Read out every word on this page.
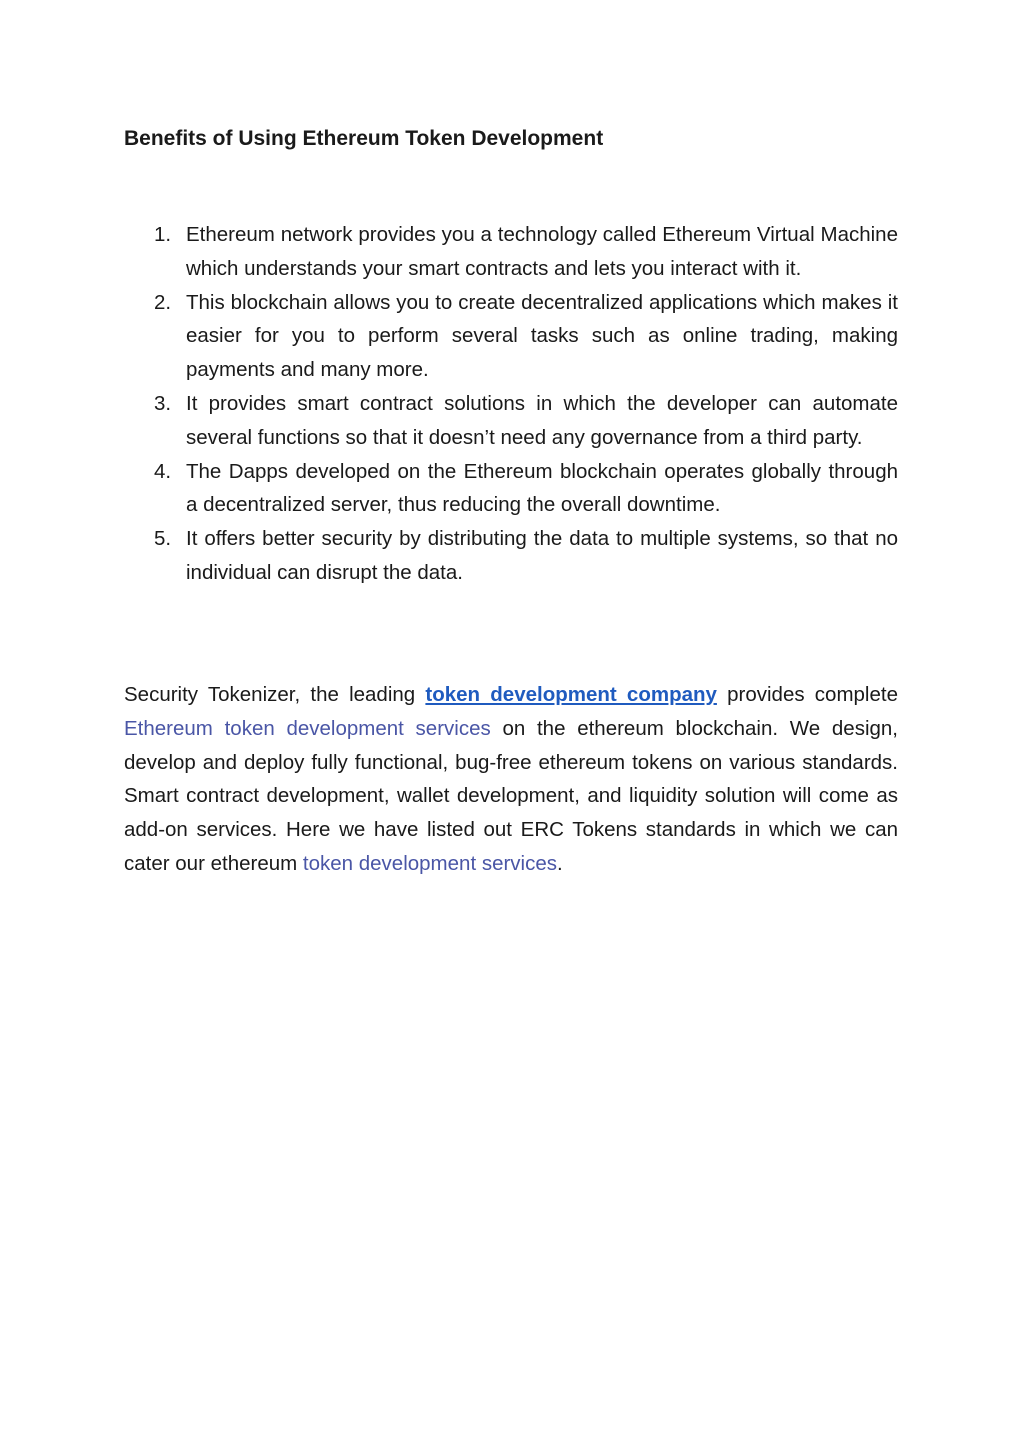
Benefits of Using Ethereum Token Development
1. Ethereum network provides you a technology called Ethereum Virtual Machine which understands your smart contracts and lets you interact with it.
2. This blockchain allows you to create decentralized applications which makes it easier for you to perform several tasks such as online trading, making payments and many more.
3. It provides smart contract solutions in which the developer can automate several functions so that it doesn’t need any governance from a third party.
4. The Dapps developed on the Ethereum blockchain operates globally through a decentralized server, thus reducing the overall downtime.
5. It offers better security by distributing the data to multiple systems, so that no individual can disrupt the data.

Security Tokenizer, the leading token development company provides complete Ethereum token development services on the ethereum blockchain. We design, develop and deploy fully functional, bug-free ethereum tokens on various standards. Smart contract development, wallet development, and liquidity solution will come as add-on services. Here we have listed out ERC Tokens standards in which we can cater our ethereum token development services.
